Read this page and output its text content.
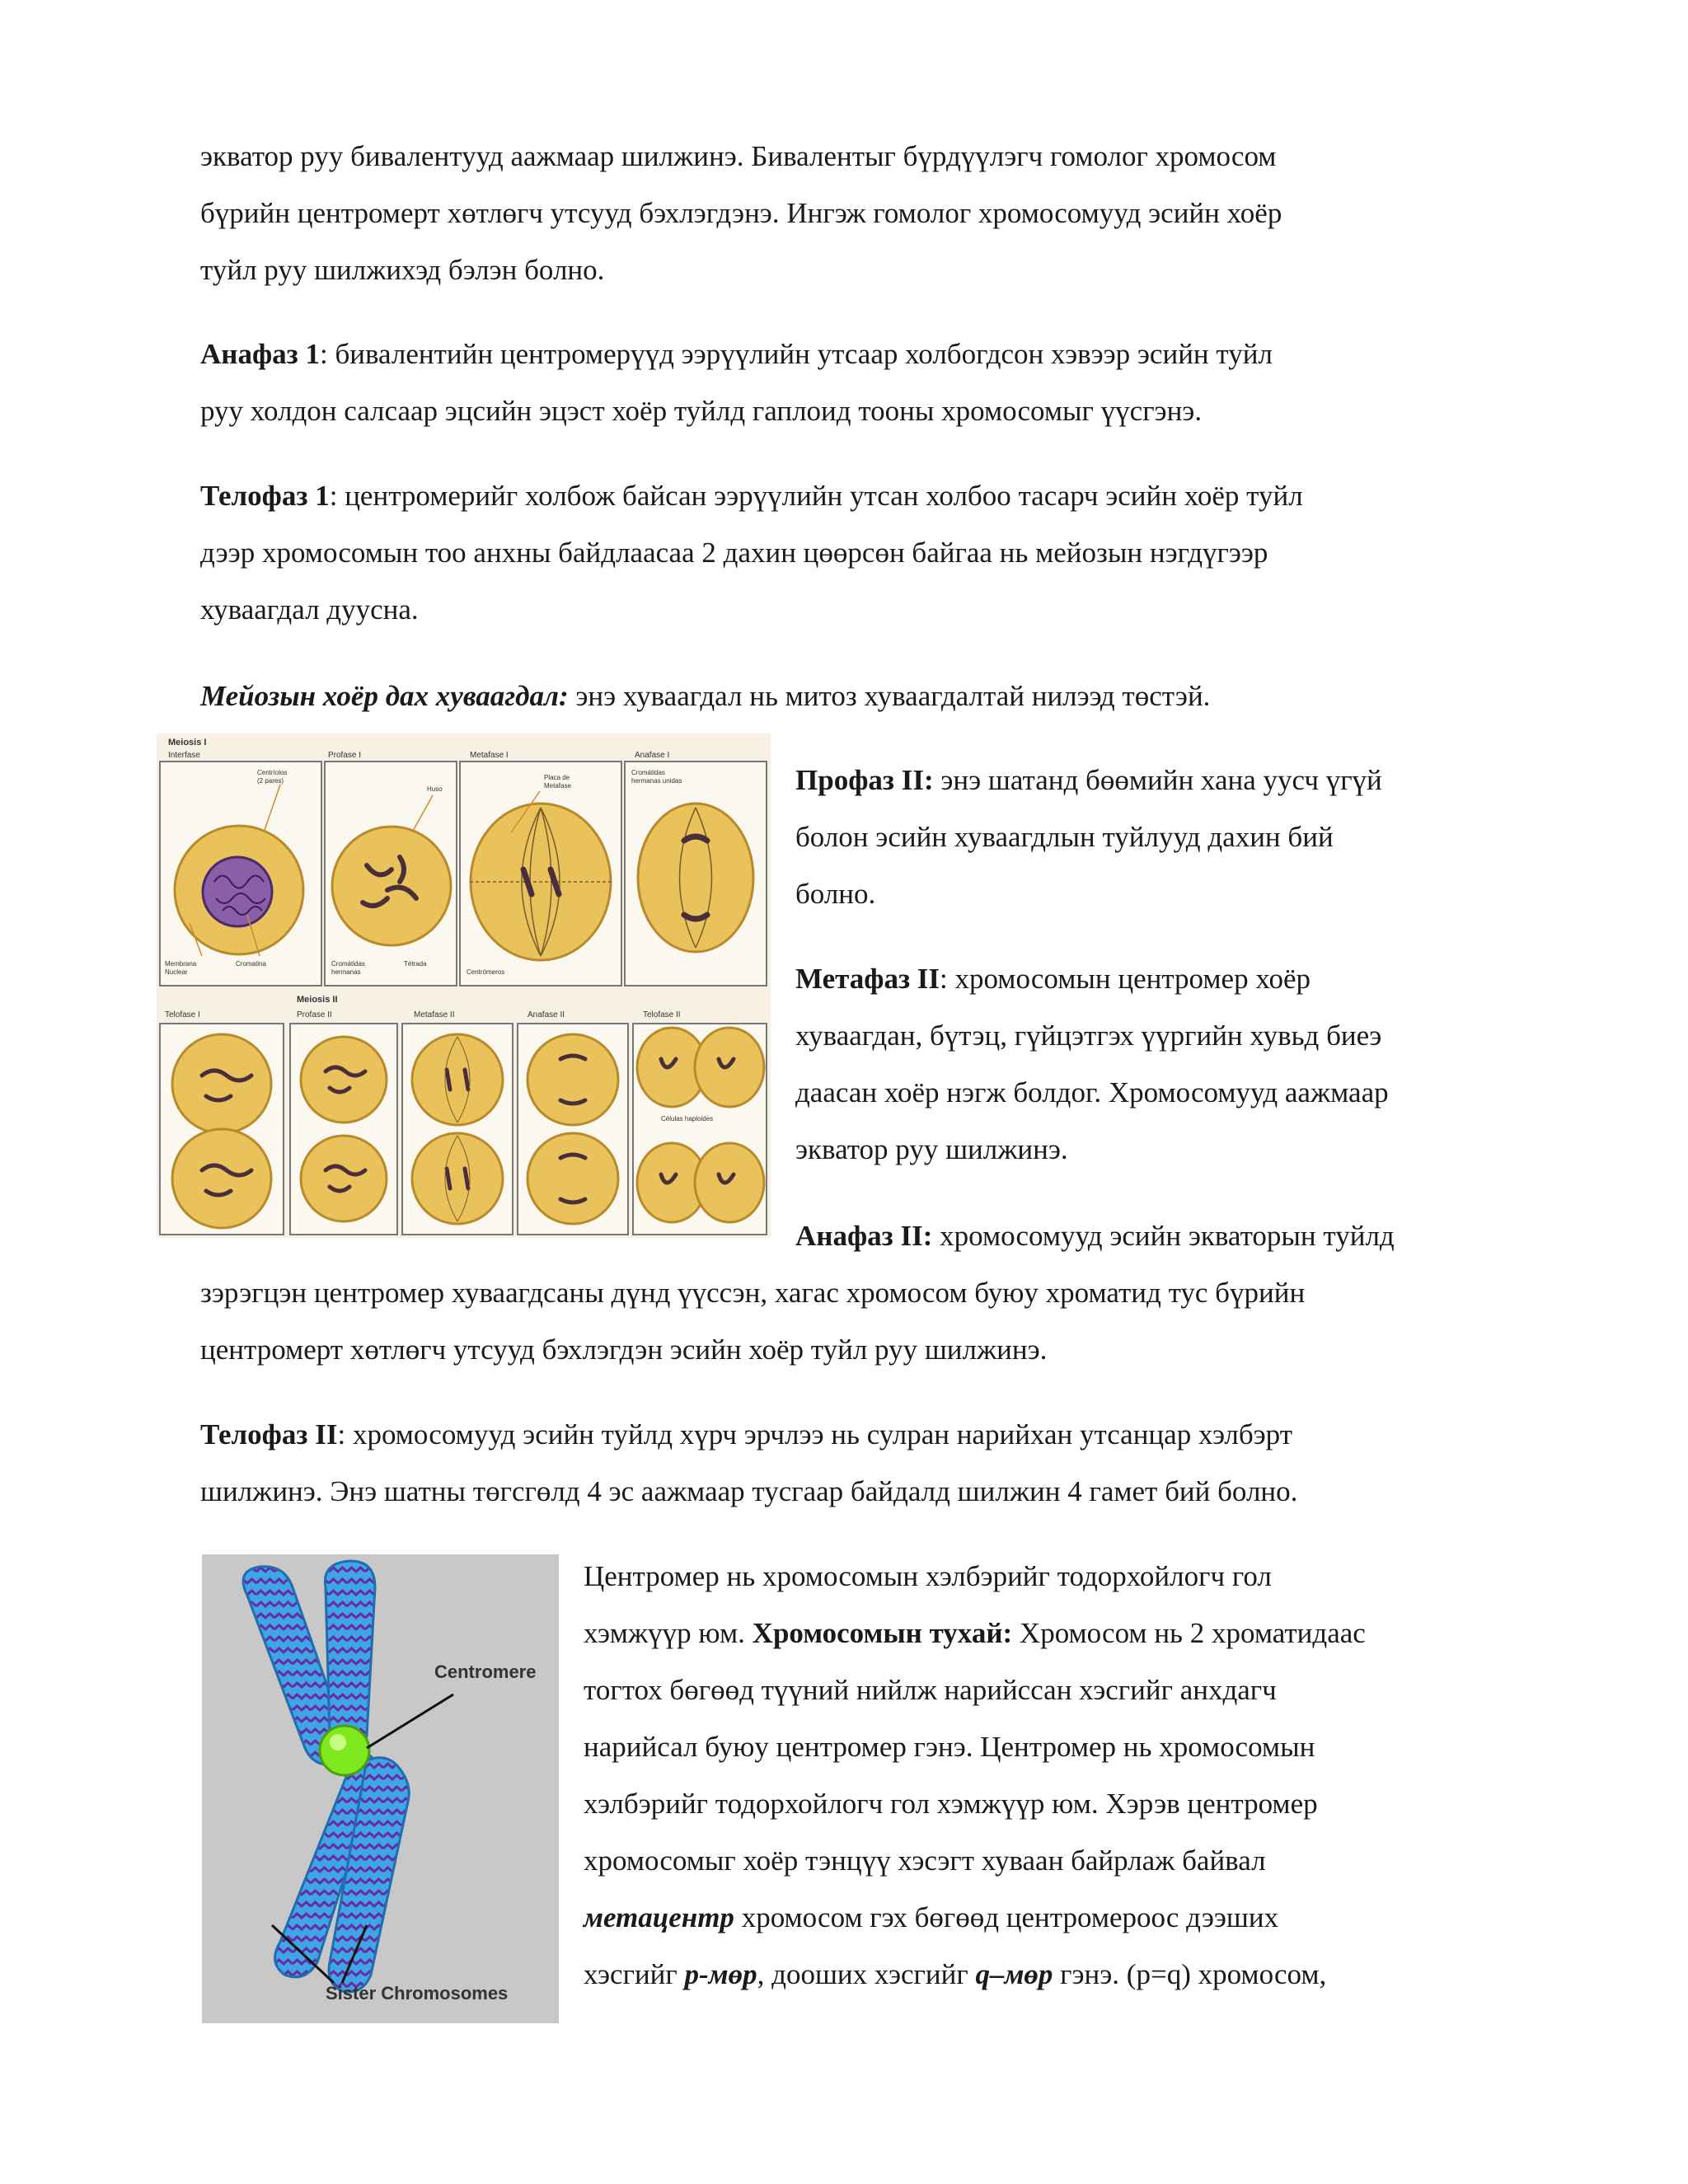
экватор руу бивалентууд аажмаар шилжинэ. Бивалентыг бүрдүүлэгч гомолог хромосом
бүрийн центромерт хөтлөгч утсууд бэхлэгдэнэ. Ингэж гомолог хромосомууд эсийн хоёр
туйл руу шилжихэд бэлэн болно.

Анафаз 1: бивалентийн центромерүүд ээрүүлийн утсаар холбогдсон хэвээр эсийн туйл
руу холдон салсаар эцсийн эцэст хоёр туйлд гаплоид тооны хромосомыг үүсгэнэ.

Телофаз 1: центромерийг холбож байсан ээрүүлийн утсан холбоо тасарч эсийн хоёр туйл
дээр хромосомын тоо анхны байдлаасаа 2 дахин цөөрсөн байгаа нь мейозын нэгдүгээр
хуваагдал дуусна.

Мейозын хоёр дах хуваагдал: энэ хуваагдал нь митоз хуваагдалтай нилээд төстэй.

Meiosis I
Interfase	Profase I	Metafase I	Anafase I
Centríolos
(2 pares)
Membrana
Nuclear
Cromatina
Huso
Cromátidas
hermanas
Tétrada
Placa de
Metafase
Centrómeros
Cromátidas
hermanas unidas
Meiosis II
Telofase I	Profase II	Metafase II	Anafase II	Telofase II
Células haploides

Профаз II: энэ шатанд бөөмийн хана уусч үгүй
болон эсийн хуваагдлын туйлууд дахин бий
болно.

Метафаз II: хромосомын центромер хоёр
хуваагдан, бүтэц, гүйцэтгэх үүргийн хувьд биеэ
даасан хоёр нэгж болдог. Хромосомууд аажмаар
экватор руу шилжинэ.

Анафаз II: хромосомууд эсийн экваторын туйлд

зэрэгцэн центромер хуваагдсаны дүнд үүссэн, хагас хромосом буюу хроматид тус бүрийн
центромерт хөтлөгч утсууд бэхлэгдэн эсийн хоёр туйл руу шилжинэ.

Телофаз II: хромосомууд эсийн туйлд хүрч эрчлээ нь сулран нарийхан утсанцар хэлбэрт
шилжинэ. Энэ шатны төгсгөлд 4 эс аажмаар тусгаар байдалд шилжин 4 гамет бий болно.

Centromere
Sister Chromosomes

Центромер нь хромосомын хэлбэрийг тодорхойлогч гол
хэмжүүр юм. Хромосомын тухай: Хромосом нь 2 хроматидаас
тогтох бөгөөд түүний нийлж нарийссан хэсгийг анхдагч
нарийсал буюу центромер гэнэ. Центромер нь хромосомын
хэлбэрийг тодорхойлогч гол хэмжүүр юм. Хэрэв центромер
хромосомыг хоёр тэнцүү хэсэгт хуваан байрлаж байвал
метацентр хромосом гэх бөгөөд центромероос дээших
хэсгийг p-мөр, доошиx хэсгийг q–мөр гэнэ. (p=q) хромосом,
